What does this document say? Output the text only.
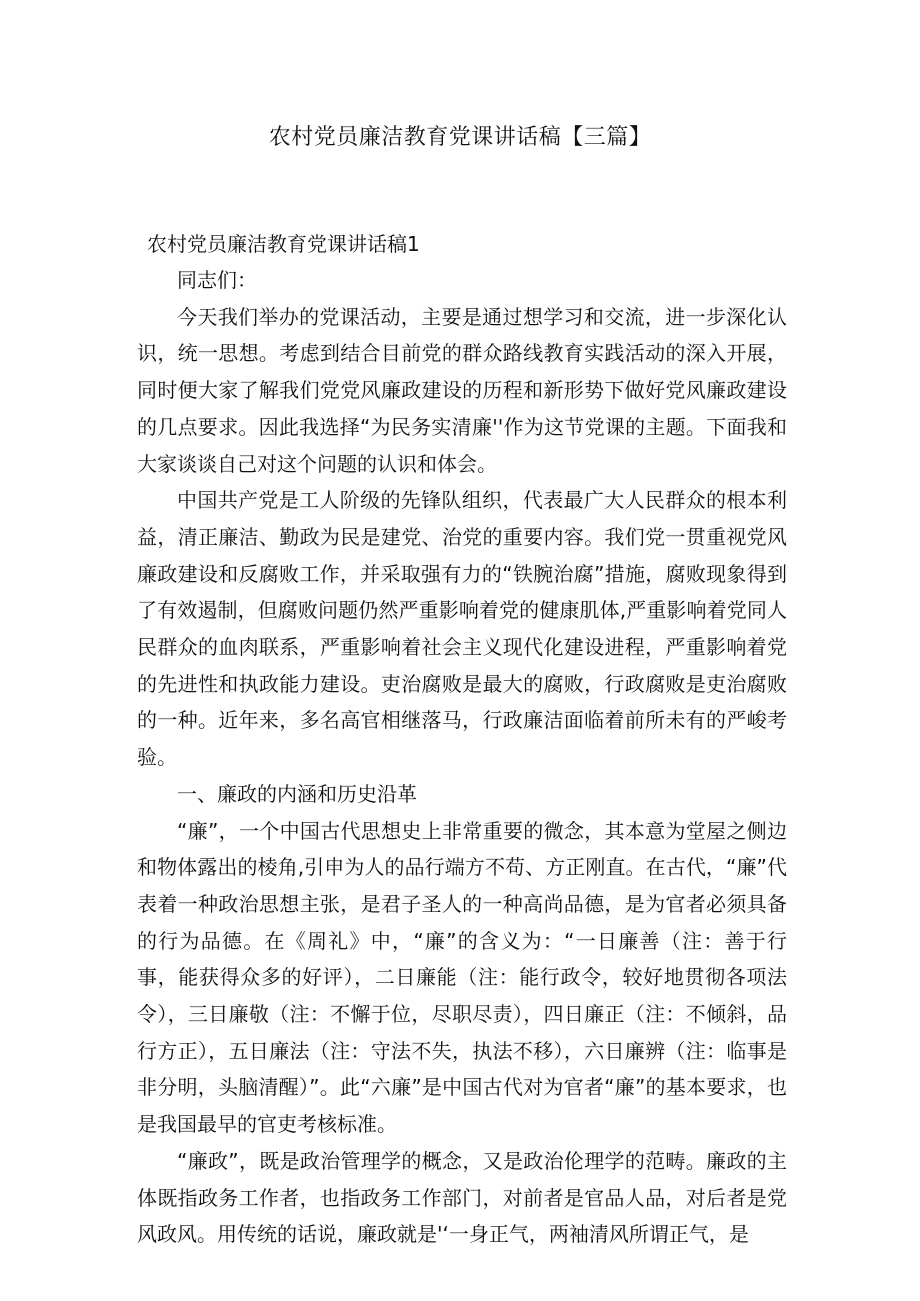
农村党员廉洁教育党课讲话稿【三篇】

农村党员廉洁教育党课讲话稿1

同志们：

今天我们举办的党课活动，主要是通过想学习和交流，进一步深化认识，统一思想。考虑到结合目前党的群众路线教育实践活动的深入开展，同时便大家了解我们党党风廉政建设的历程和新形势下做好党风廉政建设的几点要求。因此我选择“为民务实清廉''作为这节党课的主题。下面我和大家谈谈自己对这个问题的认识和体会。

中国共产党是工人阶级的先锋队组织，代表最广大人民群众的根本利益，清正廉洁、勤政为民是建党、治党的重要内容。我们党一贯重视党风廉政建设和反腐败工作，并采取强有力的“铁腕治腐”措施，腐败现象得到了有效遏制，但腐败问题仍然严重影响着党的健康肌体,严重影响着党同人民群众的血肉联系，严重影响着社会主义现代化建设进程，严重影响着党的先进性和执政能力建设。吏治腐败是最大的腐败，行政腐败是吏治腐败的一种。近年来，多名高官相继落马，行政廉洁面临着前所未有的严峻考验。

一、廉政的内涵和历史沿革

“廉”，一个中国古代思想史上非常重要的微念，其本意为堂屋之侧边和物体露出的棱角,引申为人的品行端方不苟、方正刚直。在古代，“廉”代表着一种政治思想主张，是君子圣人的一种高尚品德，是为官者必须具备的行为品德。在《周礼》中，“廉”的含义为：“一日廉善（注：善于行事，能获得众多的好评），二日廉能（注：能行政令，较好地贯彻各项法令），三日廉敬（注：不懈于位，尽职尽责），四日廉正（注：不倾斜，品行方正），五日廉法（注：守法不失，执法不移），六日廉辨（注：临事是非分明，头脑清醒）”。此“六廉”是中国古代对为官者“廉”的基本要求，也是我国最早的官吏考核标准。

“廉政”，既是政治管理学的概念，又是政治伦理学的范畴。廉政的主体既指政务工作者，也指政务工作部门，对前者是官品人品，对后者是党风政风。用传统的话说，廉政就是'‘一身正气，两袖清风所谓正气，是
